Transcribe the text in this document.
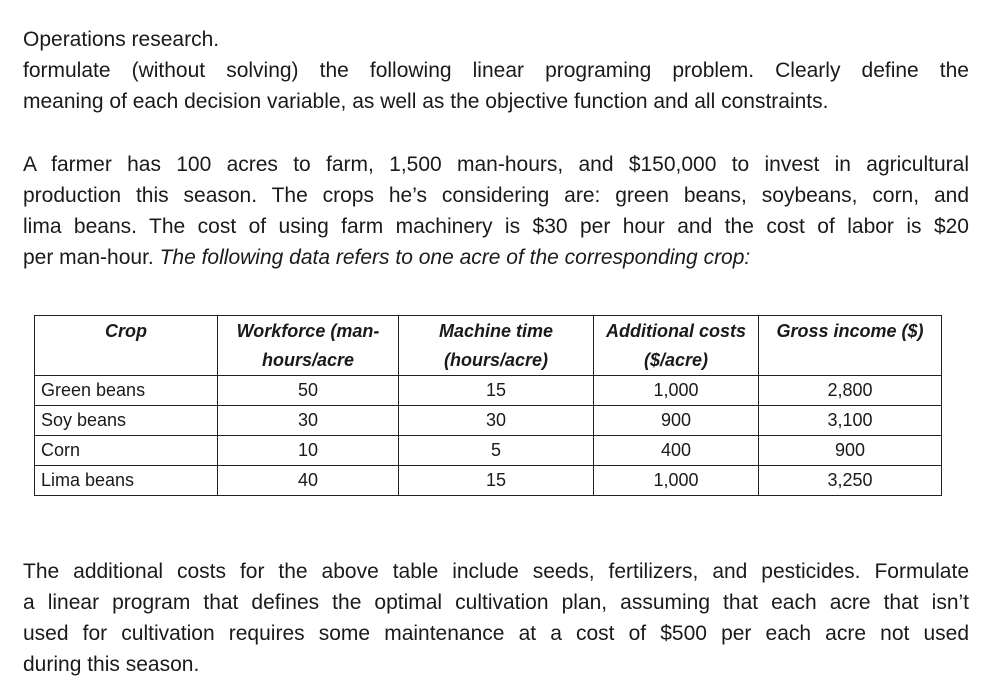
Operations research.
formulate (without solving) the following linear programing problem. Clearly define the
meaning of each decision variable, as well as the objective function and all constraints.
A farmer has 100 acres to farm, 1,500 man-hours, and $150,000 to invest in agricultural
production this season. The crops he’s considering are: green beans, soybeans, corn, and
lima beans. The cost of using farm machinery is $30 per hour and the cost of labor is $20
per man-hour. The following data refers to one acre of the corresponding crop:
Crop	Workforce (man-hours/acre	Machine time (hours/acre)	Additional costs ($/acre)	Gross income ($)
Green beans	50	15	1,000	2,800
Soy beans	30	30	900	3,100
Corn	10	5	400	900
Lima beans	40	15	1,000	3,250
The additional costs for the above table include seeds, fertilizers, and pesticides. Formulate
a linear program that defines the optimal cultivation plan, assuming that each acre that isn’t
used for cultivation requires some maintenance at a cost of $500 per each acre not used
during this season.
